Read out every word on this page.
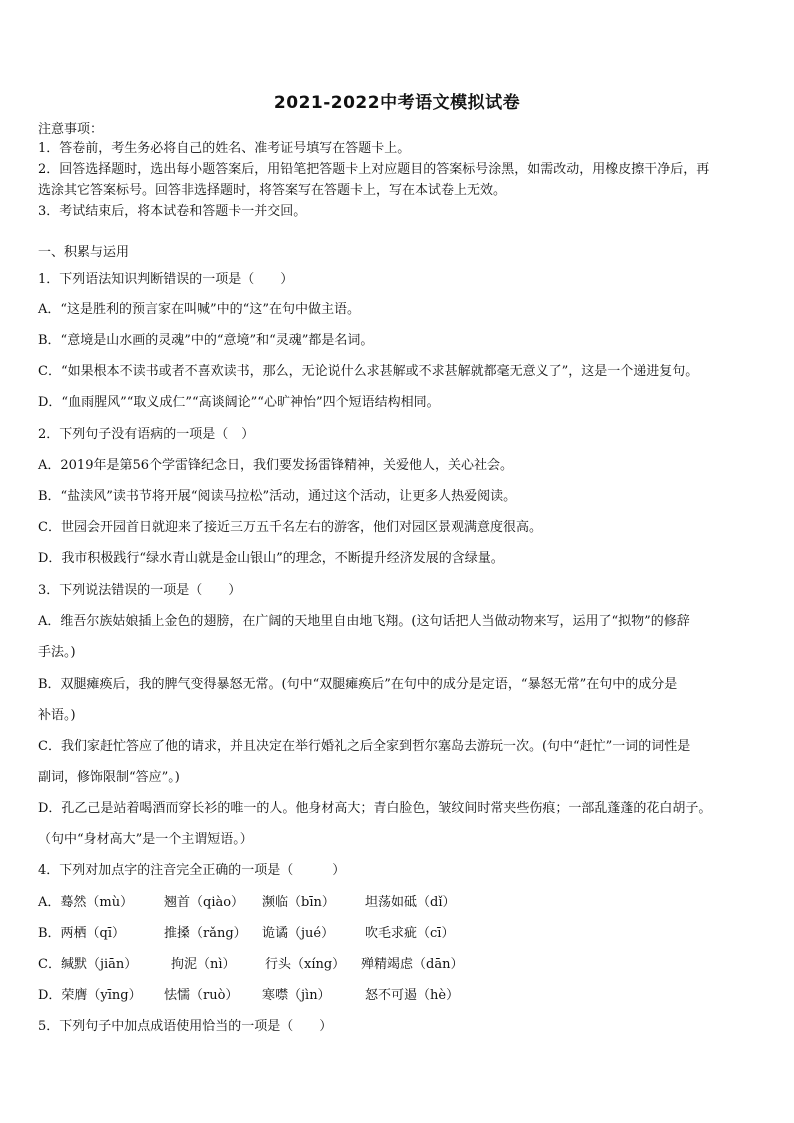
2021-2022中考语文模拟试卷
注意事项：
1．答卷前，考生务必将自己的姓名、准考证号填写在答题卡上。
2．回答选择题时，选出每小题答案后，用铅笔把答题卡上对应题目的答案标号涂黑，如需改动，用橡皮擦干净后，再
选涂其它答案标号。回答非选择题时，将答案写在答题卡上，写在本试卷上无效。
3．考试结束后，将本试卷和答题卡一并交回。
一、积累与运用
1．下列语法知识判断错误的一项是（　　）
A．“这是胜利的预言家在叫喊”中的“这”在句中做主语。
B．“意境是山水画的灵魂”中的“意境”和“灵魂”都是名词。
C．“如果根本不读书或者不喜欢读书，那么，无论说什么求甚解或不求甚解就都毫无意义了”，这是一个递进复句。
D．“血雨腥风”“取义成仁”“高谈阔论”“心旷神怡”四个短语结构相同。
2．下列句子没有语病的一项是（　）
A．2019年是第56个学雷锋纪念日，我们要发扬雷锋精神，关爱他人，关心社会。
B．“盐渎风”读书节将开展“阅读马拉松”活动，通过这个活动，让更多人热爱阅读。
C．世园会开园首日就迎来了接近三万五千名左右的游客，他们对园区景观满意度很高。
D．我市积极践行“绿水青山就是金山银山”的理念，不断提升经济发展的含绿量。
3．下列说法错误的一项是（　　）
A．维吾尔族姑娘插上金色的翅膀，在广阔的天地里自由地飞翔。(这句话把人当做动物来写，运用了“拟物”的修辞
手法。)
B．双腿瘫痪后，我的脾气变得暴怒无常。(句中“双腿瘫痪后”在句中的成分是定语，“暴怒无常”在句中的成分是
补语。)
C．我们家赶忙答应了他的请求，并且决定在举行婚礼之后全家到哲尔塞岛去游玩一次。(句中“赶忙”一词的词性是
副词，修饰限制“答应”。)
D．孔乙己是站着喝酒而穿长衫的唯一的人。他身材高大；青白脸色，皱纹间时常夹些伤痕；一部乱蓬蓬的花白胡子。
（句中“身材高大”是一个主谓短语。）
4．下列对加点字的注音完全正确的一项是（　　　）
A．蓦然（mù） 翘首（qiào） 濒临（bīn） 坦荡如砥（dǐ）
B．两栖（qī）	推搡（rǎng） 诡谲（jué） 吹毛求疵（cī）
C．缄默（jiān）	拘泥（nì） 行头（xíng） 殚精竭虑（dān）
D．荣膺（yīng） 怯懦（ruò） 寒噤（jìn）	怒不可遏（hè）
5．下列句子中加点成语使用恰当的一项是（　　）
